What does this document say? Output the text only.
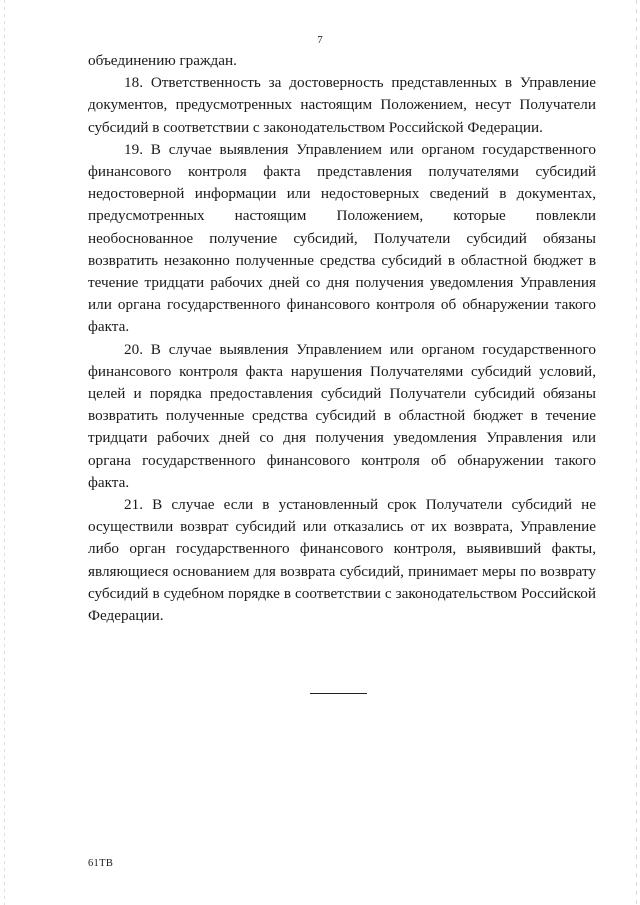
7

объединению граждан.

18. Ответственность за достоверность представленных в Управление документов, предусмотренных настоящим Положением, несут Получатели субсидий в соответствии с законодательством Российской Федерации.

19. В случае выявления Управлением или органом государственного финансового контроля факта представления получателями субсидий недостоверной информации или недостоверных сведений в документах, предусмотренных настоящим Положением, которые повлекли необоснованное получение субсидий, Получатели субсидий обязаны возвратить незаконно полученные средства субсидий в областной бюджет в течение тридцати рабочих дней со дня получения уведомления Управления или органа государственного финансового контроля об обнаружении такого факта.

20. В случае выявления Управлением или органом государственного финансового контроля факта нарушения Получателями субсидий условий, целей и порядка предоставления субсидий Получатели субсидий обязаны возвратить полученные средства субсидий в областной бюджет в течение тридцати рабочих дней со дня получения уведомления Управления или органа государственного финансового контроля об обнаружении такого факта.

21. В случае если в установленный срок Получатели субсидий не осуществили возврат субсидий или отказались от их возврата, Управление либо орган государственного финансового контроля, выявивший факты, являющиеся основанием для возврата субсидий, принимает меры по возврату субсидий в судебном порядке в соответствии с законодательством Российской Федерации.

61ТВ
